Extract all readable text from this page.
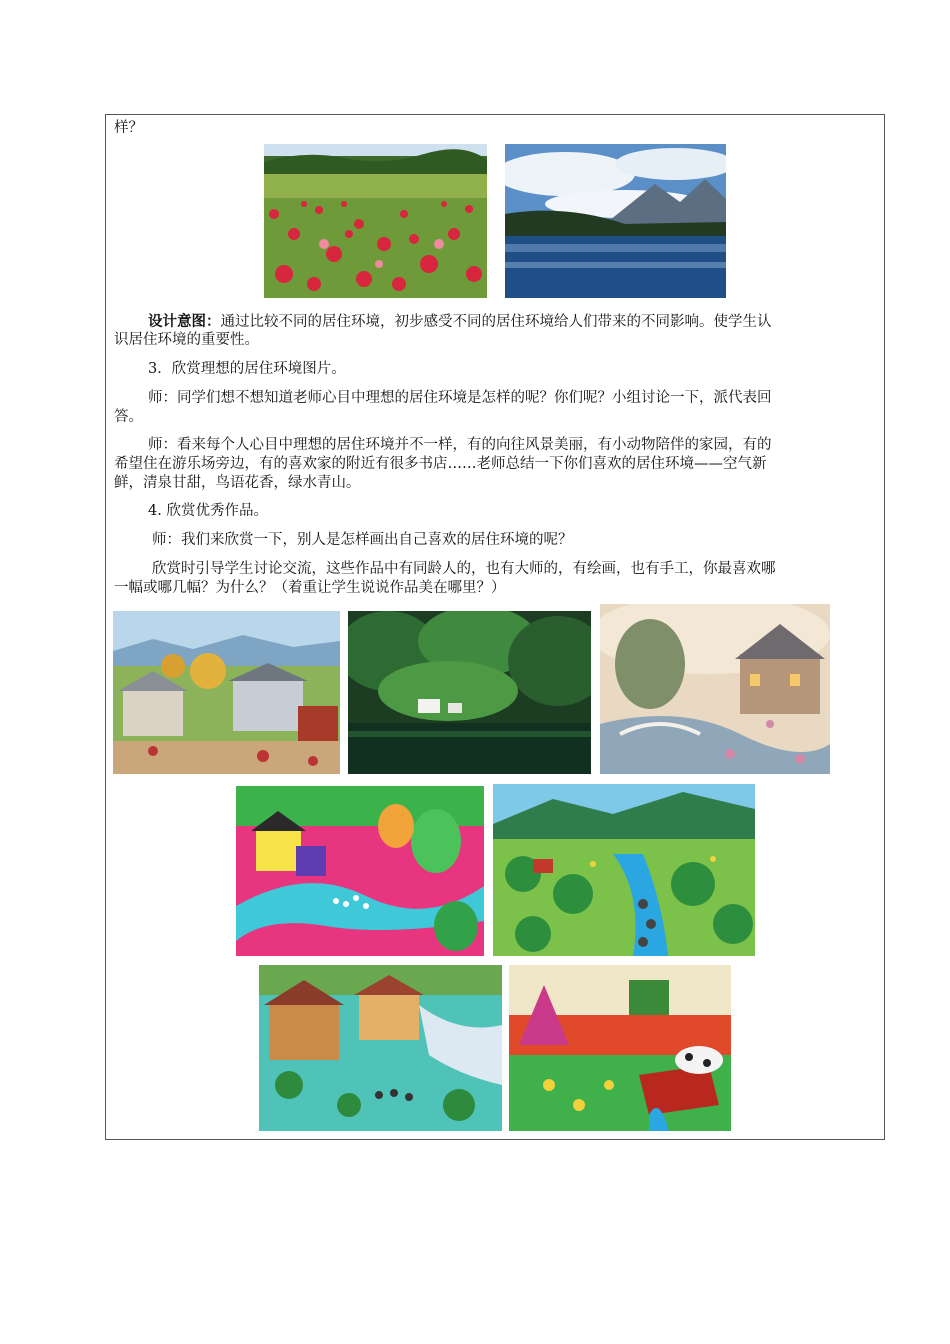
样？

设计意图：通过比较不同的居住环境，初步感受不同的居住环境给人们带来的不同影响。使学生认

识居住环境的重要性。

3．欣赏理想的居住环境图片。

师：同学们想不想知道老师心目中理想的居住环境是怎样的呢？你们呢？小组讨论一下，派代表回

答。

师：看来每个人心目中理想的居住环境并不一样，有的向往风景美丽，有小动物陪伴的家园，有的

希望住在游乐场旁边，有的喜欢家的附近有很多书店……老师总结一下你们喜欢的居住环境——空气新

鲜，清泉甘甜，鸟语花香，绿水青山。

4. 欣赏优秀作品。

师：我们来欣赏一下，别人是怎样画出自己喜欢的居住环境的呢？

欣赏时引导学生讨论交流，这些作品中有同龄人的，也有大师的，有绘画，也有手工，你最喜欢哪

一幅或哪几幅？为什么？（着重让学生说说作品美在哪里？）
